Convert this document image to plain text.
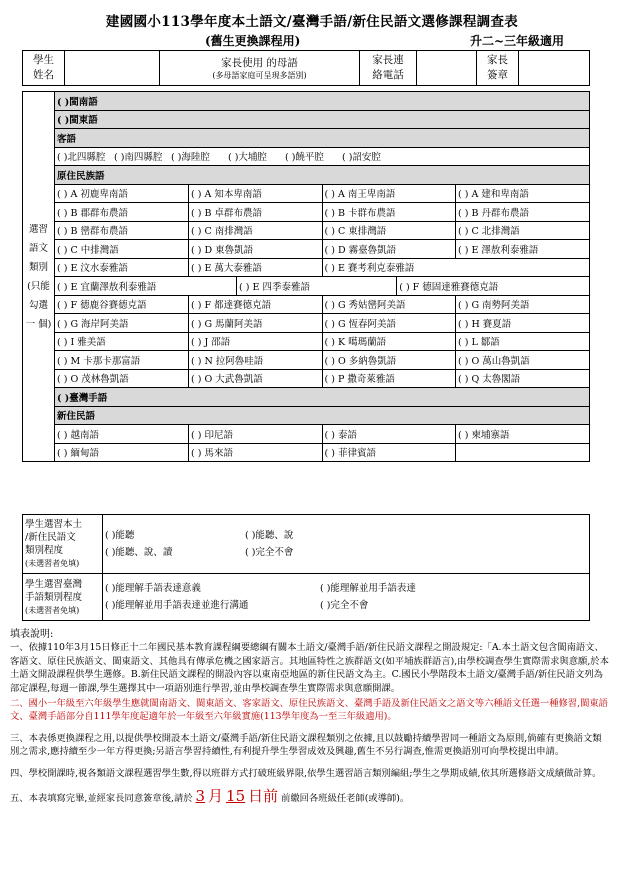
建國國小113學年度本土語文/臺灣手語/新住民語文選修課程調查表
(舊生更換課程用)	升二~三年級適用
學生
姓名		家長使用 的母語
(多母語家庭可呈現多語別)
	家長連
絡電話		家長
簽章	
選習 語文 類別 (只能 勾選一 個)	( )閩南語
( )閩東語
客語
( )北四縣腔 ( )南四縣腔 ( )海陸腔 ( )大埔腔 ( )饒平腔 ( )詔安腔
原住民族語

( ) A 初鹿卑南語	( ) A 知本卑南語	( ) A 南王卑南語	( ) A 建和卑南語

( ) B 郡群布農語	( ) B 卓群布農語	( ) B 卡群布農語	( ) B 丹群布農語

( ) B 巒群布農語	( ) C 南排灣語	( ) C 東排灣語	( ) C 北排灣語

( ) C 中排灣語	( ) D 東魯凱語	( ) D 霧臺魯凱語	( ) E 澤敖利泰雅語

( ) E 汶水泰雅語	( ) E 萬大泰雅語	( ) E 賽考利克泰雅語

( ) E 宜蘭澤敖利泰雅語	( ) E 四季泰雅語	( ) F 德固達雅賽德克語

( ) F 德鹿谷賽德克語	( ) F 都達賽德克語	( ) G 秀姑巒阿美語	( ) G 南勢阿美語

( ) G 海岸阿美語	( ) G 馬蘭阿美語	( ) G 恆春阿美語	( ) H 賽夏語

( ) I 雅美語	( ) J 邵語	( ) K 噶瑪蘭語	( ) L 鄒語

( ) M 卡那卡那富語	( ) N 拉阿魯哇語	( ) O 多納魯凱語	( ) O 萬山魯凱語

( ) O 茂林魯凱語	( ) O 大武魯凱語	( ) P 撒奇萊雅語	( ) Q 太魯閣語

( )臺灣手語
新住民語

( ) 越南語	( ) 印尼語	( ) 泰語	( ) 柬埔寨語

( ) 緬甸語	( ) 馬來語	( ) 菲律賓語	
學生選習本土
/新住民語文
類別程度
(未選習者免填)	( )能聽 ( )能聽、說
( )能聽、說、讀 ( )完全不會
學生選習臺灣
手語類別程度
(未選習者免填)	( )能理解手語表達意義 ( )能理解並用手語表達
( )能理解並用手語表達並進行溝通 ( )完全不會

填表說明:

一、依據110年3月15日修正十二年國民基本教育課程綱要總綱有關本土語文/臺灣手語/新住民語文課程之開設規定:「A.本土語文包含閩南語文、客語文、原住民族語文、閩東語文、其他具有傳承危機之國家語言。其地區特性之族群語文(如平埔族群語言),由學校調查學生實際需求與意願,於本土語文開設課程供學生選修。B.新住民語文課程的開設內容以東南亞地區的新住民語文為主。C.國民小學階段本土語文/臺灣手語/新住民語文列為部定課程,每週一節課,學生選擇其中一項語別進行學習,並由學校調查學生實際需求與意願開課。

二、國小一年級至六年級學生應就閩南語文、閩東語文、客家語文、原住民族語文、臺灣手語及新住民語文之語文等六種語文任選一種修習,閩東語文、臺灣手語部分自111學年度起適年於一年級至六年級實施(113學年度為一至三年級適用)。

三、本表係更換課程之用,以提供學校開設本土語文/臺灣手語/新住民語文課程類別之依據,且以鼓勵持續學習同一種語文為原則,倘確有更換語文類別之需求,應持續至少一年方得更換;另語言學習持續性,有利提升學生學習成效及興趣,舊生不另行調查,惟需更換語別可向學校提出申請。

四、學校開課時,視各類語文課程選習學生數,得以班群方式打破班級界限,依學生選習語言類別編組;學生之學期成績,依其所選修語文成績做計算。

五、本表填寫完畢,並經家長同意簽章後,請於 3 月 15 日前 前繳回各班級任老師(或導師)。
